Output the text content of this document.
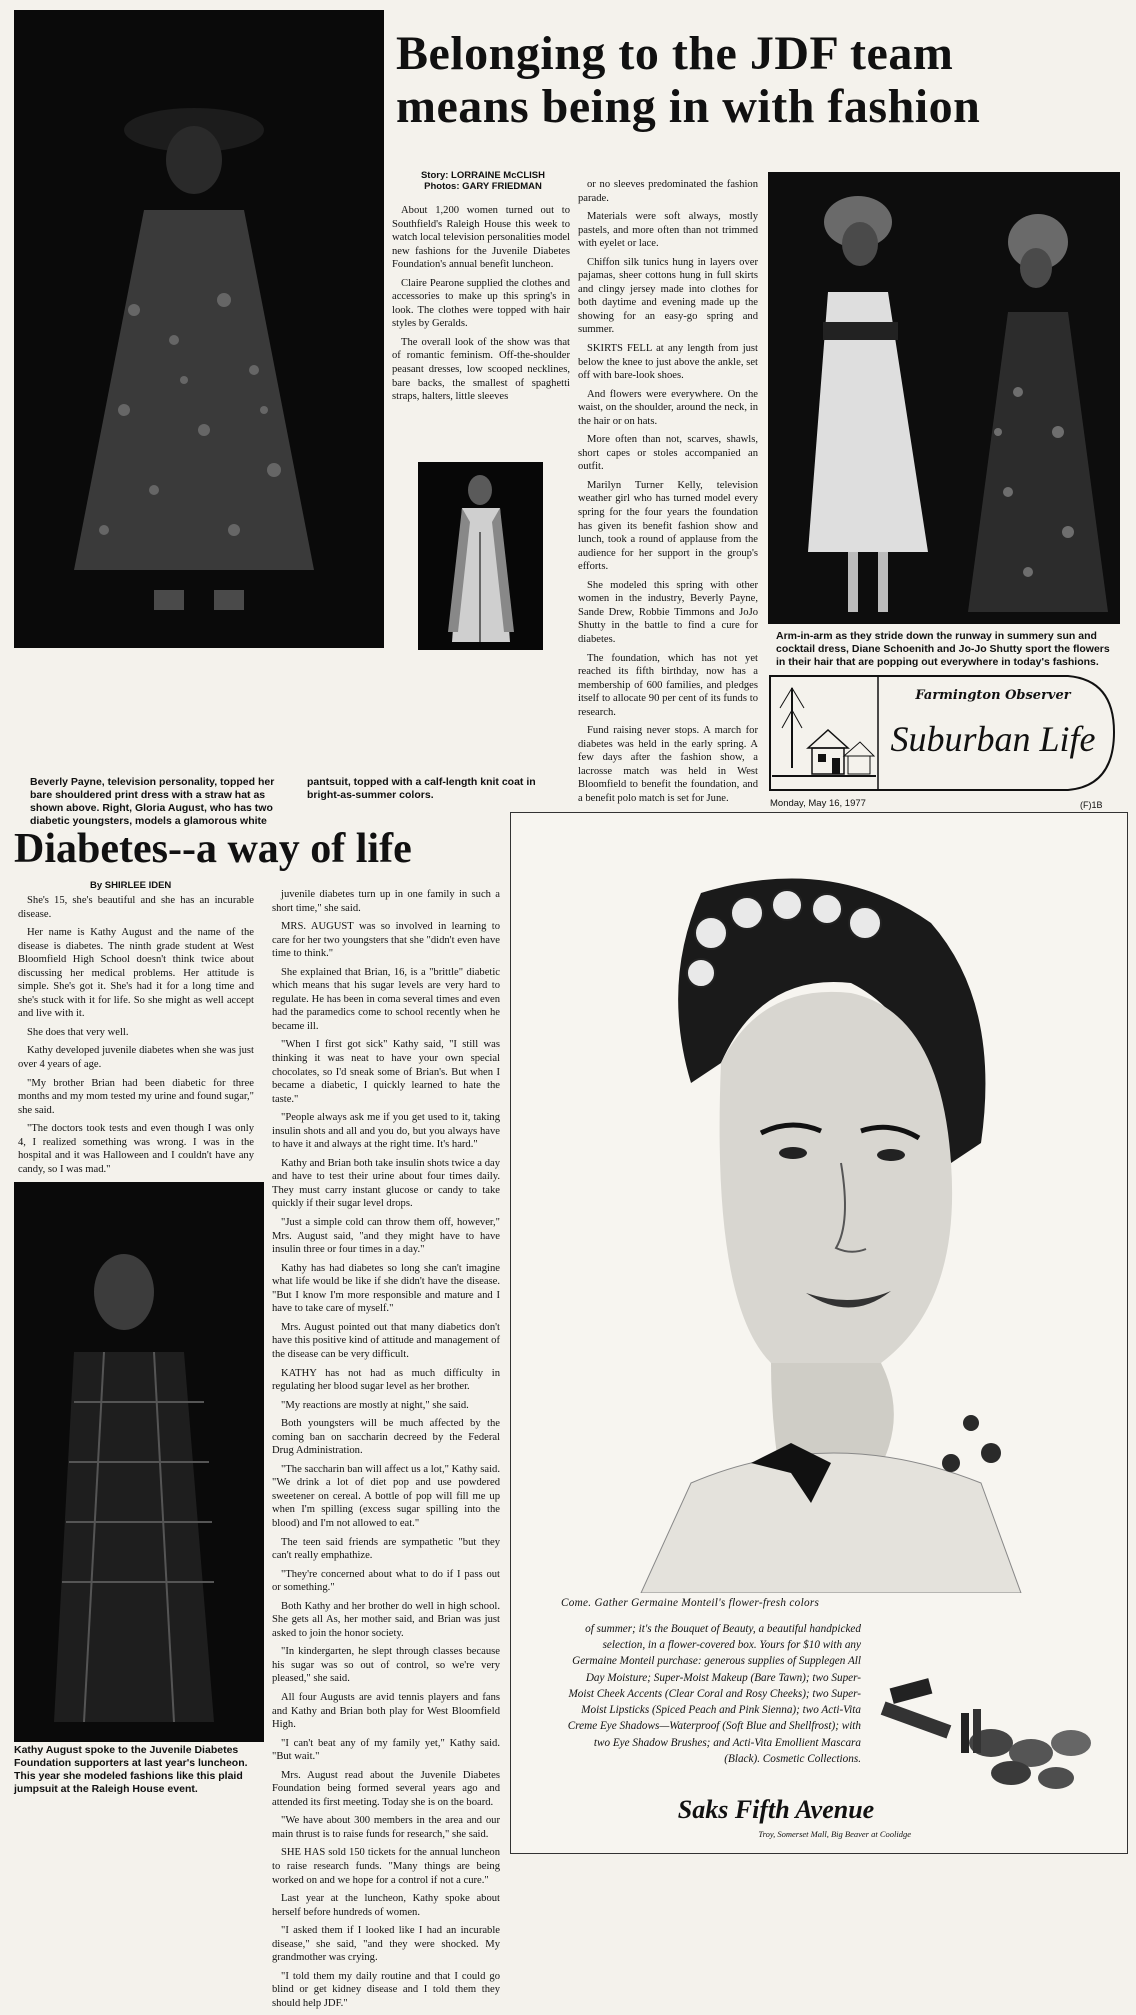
Belonging to the JDF team
means being in with fashion
Story: LORRAINE McCLISH
Photos: GARY FRIEDMAN

About 1,200 women turned out to Southfield's Raleigh House this week to watch local television personalities model new fashions for the Juvenile Diabetes Foundation's annual benefit luncheon.

Claire Pearone supplied the clothes and accessories to make up this spring's in look. The clothes were topped with hair styles by Geralds.

The overall look of the show was that of romantic feminism. Off-the-shoulder peasant dresses, low scooped necklines, bare backs, the smallest of spaghetti straps, halters, little sleeves

or no sleeves predominated the fashion parade.

Materials were soft always, mostly pastels, and more often than not trimmed with eyelet or lace.

Chiffon silk tunics hung in layers over pajamas, sheer cottons hung in full skirts and clingy jersey made into clothes for both daytime and evening made up the showing for an easy-go spring and summer.

SKIRTS FELL at any length from just below the knee to just above the ankle, set off with bare-look shoes.

And flowers were everywhere. On the waist, on the shoulder, around the neck, in the hair or on hats.

More often than not, scarves, shawls, short capes or stoles accompanied an outfit.

Marilyn Turner Kelly, television weather girl who has turned model every spring for the four years the foundation has given its benefit fashion show and lunch, took a round of applause from the audience for her support in the group's efforts.

She modeled this spring with other women in the industry, Beverly Payne, Sande Drew, Robbie Timmons and JoJo Shutty in the battle to find a cure for diabetes.

The foundation, which has not yet reached its fifth birthday, now has a membership of 600 families, and pledges itself to allocate 90 per cent of its funds to research.

Fund raising never stops. A march for diabetes was held in the early spring. A few days after the fashion show, a lacrosse match was held in West Bloomfield to benefit the foundation, and a benefit polo match is set for June.

Arm-in-arm as they stride down the runway in summery sun and cocktail dress, Diane Schoenith and Jo-Jo Shutty sport the flowers in their hair that are popping out everywhere in today's fashions.
Farmington Observer
Suburban Life
Monday, May 16, 1977	(F)1B
Beverly Payne, television personality, topped her bare shouldered print dress with a straw hat as shown above. Right, Gloria August, who has two diabetic youngsters, models a glamorous white pantsuit, topped with a calf-length knit coat in bright-as-summer colors.
Diabetes--a way of life
By SHIRLEE IDEN

She's 15, she's beautiful and she has an incurable disease.

Her name is Kathy August and the name of the disease is diabetes. The ninth grade student at West Bloomfield High School doesn't think twice about discussing her medical problems. Her attitude is simple. She's got it. She's had it for a long time and she's stuck with it for life. So she might as well accept and live with it.

She does that very well.

Kathy developed juvenile diabetes when she was just over 4 years of age.

"My brother Brian had been diabetic for three months and my mom tested my urine and found sugar," she said.

"The doctors took tests and even though I was only 4, I realized something was wrong. I was in the hospital and it was Halloween and I couldn't have any candy, so I was mad."

Kathy August spoke to the Juvenile Diabetes Foundation supporters at last year's luncheon. This year she modeled fashions like this plaid jumpsuit at the Raleigh House event.

juvenile diabetes turn up in one family in such a short time," she said.

MRS. AUGUST was so involved in learning to care for her two youngsters that she "didn't even have time to think."

She explained that Brian, 16, is a "brittle" diabetic which means that his sugar levels are very hard to regulate. He has been in coma several times and even had the paramedics come to school recently when he became ill.

"When I first got sick" Kathy said, "I still was thinking it was neat to have your own special chocolates, so I'd sneak some of Brian's. But when I became a diabetic, I quickly learned to hate the taste."

"People always ask me if you get used to it, taking insulin shots and all and you do, but you always have to have it and always at the right time. It's hard."

Kathy and Brian both take insulin shots twice a day and have to test their urine about four times daily. They must carry instant glucose or candy to take quickly if their sugar level drops.

"Just a simple cold can throw them off, however," Mrs. August said, "and they might have to have insulin three or four times in a day."

Kathy has had diabetes so long she can't imagine what life would be like if she didn't have the disease. "But I know I'm more responsible and mature and I have to take care of myself."

Mrs. August pointed out that many diabetics don't have this positive kind of attitude and management of the disease can be very difficult.

KATHY has not had as much difficulty in regulating her blood sugar level as her brother.

"My reactions are mostly at night," she said.

Both youngsters will be much affected by the coming ban on saccharin decreed by the Federal Drug Administration.

"The saccharin ban will affect us a lot," Kathy said. "We drink a lot of diet pop and use powdered sweetener on cereal. A bottle of pop will fill me up when I'm spilling (excess sugar spilling into the blood) and I'm not allowed to eat."

The teen said friends are sympathetic "but they can't really emphathize.

"They're concerned about what to do if I pass out or something."

Both Kathy and her brother do well in high school. She gets all As, her mother said, and Brian was just asked to join the honor society.

"In kindergarten, he slept through classes because his sugar was so out of control, so we're very pleased," she said.

All four Augusts are avid tennis players and fans and Kathy and Brian both play for West Bloomfield High.

"I can't beat any of my family yet," Kathy said. "But wait."

Mrs. August read about the Juvenile Diabetes Foundation being formed several years ago and attended its first meeting. Today she is on the board.

"We have about 300 members in the area and our main thrust is to raise funds for research," she said.

SHE HAS sold 150 tickets for the annual luncheon to raise research funds. "Many things are being worked on and we hope for a control if not a cure."

Last year at the luncheon, Kathy spoke about herself before hundreds of women.

"I asked them if I looked like I had an incurable disease," she said, "and they were shocked. My grandmother was crying.

"I told them my daily routine and that I could go blind or get kidney disease and I told them they should help JDF."

Come. Gather Germaine Monteil's flower-fresh colors
of summer; it's the Bouquet of Beauty, a beautiful handpicked selection, in a flower-covered box. Yours for $10 with any Germaine Monteil purchase: generous supplies of Supplegen All Day Moisture; Super-Moist Makeup (Bare Tawn); two Super-Moist Cheek Accents (Clear Coral and Rosy Cheeks); two Super-Moist Lipsticks (Spiced Peach and Pink Sienna); two Acti-Vita Creme Eye Shadows—Waterproof (Soft Blue and Shellfrost); with two Eye Shadow Brushes; and Acti-Vita Emollient Mascara (Black). Cosmetic Collections.
Saks Fifth Avenue
Troy, Somerset Mall, Big Beaver at Coolidge
